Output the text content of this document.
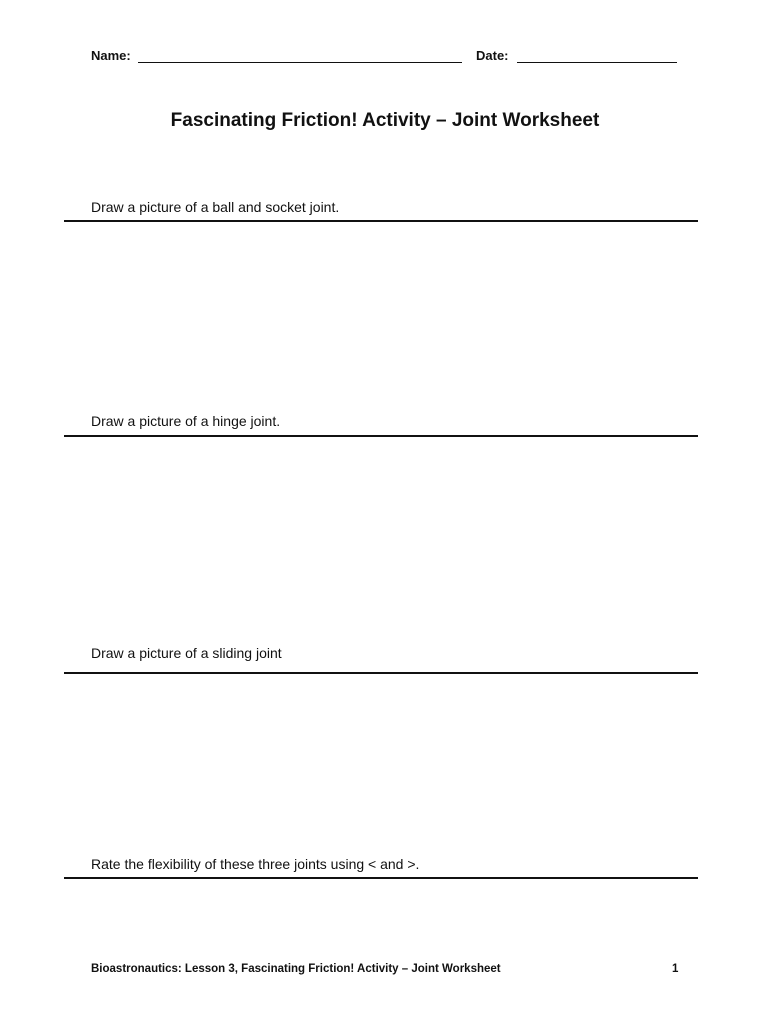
Name:	Date:
Fascinating Friction! Activity – Joint Worksheet
Draw a picture of a ball and socket joint.
Draw a picture of a hinge joint.
Draw a picture of a sliding joint
Rate the flexibility of these three joints using < and >.
Bioastronautics: Lesson 3, Fascinating Friction! Activity – Joint Worksheet	1
